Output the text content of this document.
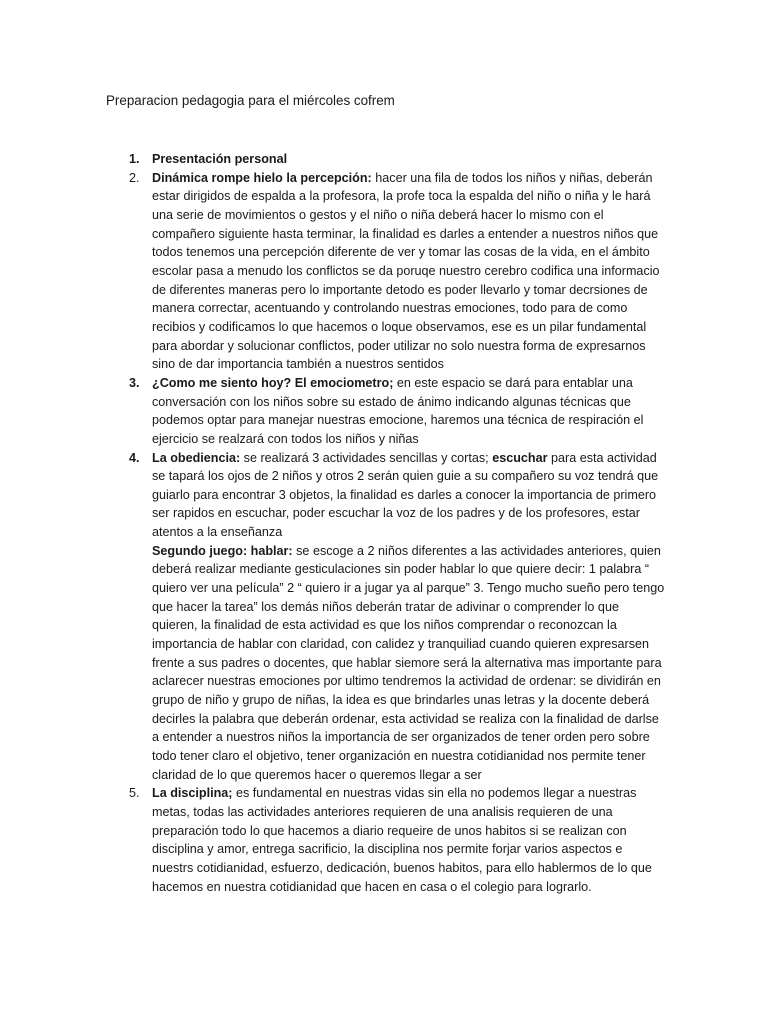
Preparacion pedagogia para el miércoles cofrem
1. Presentación personal
2. Dinámica rompe hielo la percepción: hacer una fila de todos los niños y niñas, deberán estar dirigidos de espalda a la profesora, la profe toca la espalda del niño o niña y le hará una serie de movimientos o gestos y el niño o niña deberá hacer lo mismo con el compañero siguiente hasta terminar, la finalidad es darles a entender a nuestros niños que todos tenemos una percepción diferente de ver y tomar las cosas de la vida, en el ámbito escolar pasa a menudo los conflictos se da poruqe nuestro cerebro codifica una informacio de diferentes maneras pero lo importante detodo es poder llevarlo y tomar decrsiones de manera correctar, acentuando y controlando nuestras emociones, todo para de como recibios y codificamos lo que hacemos o loque observamos, ese es un pilar fundamental para abordar y solucionar conflictos, poder utilizar no solo nuestra forma de expresarnos sino de dar importancia también a nuestros sentidos
3. ¿Como me siento hoy? El emociometro; en este espacio se dará para entablar una conversación con los niños sobre su estado de ánimo indicando algunas técnicas que podemos optar para manejar nuestras emocione, haremos una técnica de respiración el ejercicio se realzará con todos los niños y niñas
4. La obediencia: se realizará 3 actividades sencillas y cortas; escuchar para esta actividad se tapará los ojos de 2 niños y otros 2 serán quien guie a su compañero su voz tendrá que guiarlo para encontrar 3 objetos, la finalidad es darles a conocer la importancia de primero ser rapidos en escuchar, poder escuchar la voz de los padres y de los profesores, estar atentos a la enseñanza
Segundo juego: hablar: se escoge a 2 niños diferentes a las actividades anteriores, quien deberá realizar mediante gesticulaciones sin poder hablar lo que quiere decir: 1 palabra “ quiero ver una película” 2 “ quiero ir a jugar ya al parque” 3. Tengo mucho sueño pero tengo que hacer la tarea” los demás niños deberán tratar de adivinar o comprender lo que quieren, la finalidad de esta actividad es que los niños comprendar o reconozcan la importancia de hablar con claridad, con calidez y tranquiliad cuando quieren expresarsen frente a sus padres o docentes, que hablar siemore será la alternativa mas importante para aclarecer nuestras emociones por ultimo tendremos la actividad de ordenar: se dividirán en grupo de niño y grupo de niñas, la idea es que brindarles unas letras y la docente deberá decirles la palabra que deberán ordenar, esta actividad se realiza con la finalidad de darlse a entender a nuestros niños la importancia de ser organizados de tener orden pero sobre todo tener claro el objetivo, tener organización en nuestra cotidianidad nos permite tener claridad de lo que queremos hacer o queremos llegar a ser
5. La disciplina; es fundamental en nuestras vidas sin ella no podemos llegar a nuestras metas, todas las actividades anteriores requieren de una analisis requieren de una preparación todo lo que hacemos a diario requeire de unos habitos si se realizan con disciplina y amor, entrega sacrificio, la disciplina nos permite forjar varios aspectos e nuestrs cotidianidad, esfuerzo, dedicación, buenos habitos, para ello hablermos de lo que hacemos en nuestra cotidianidad que hacen en casa o el colegio para lograrlo.
